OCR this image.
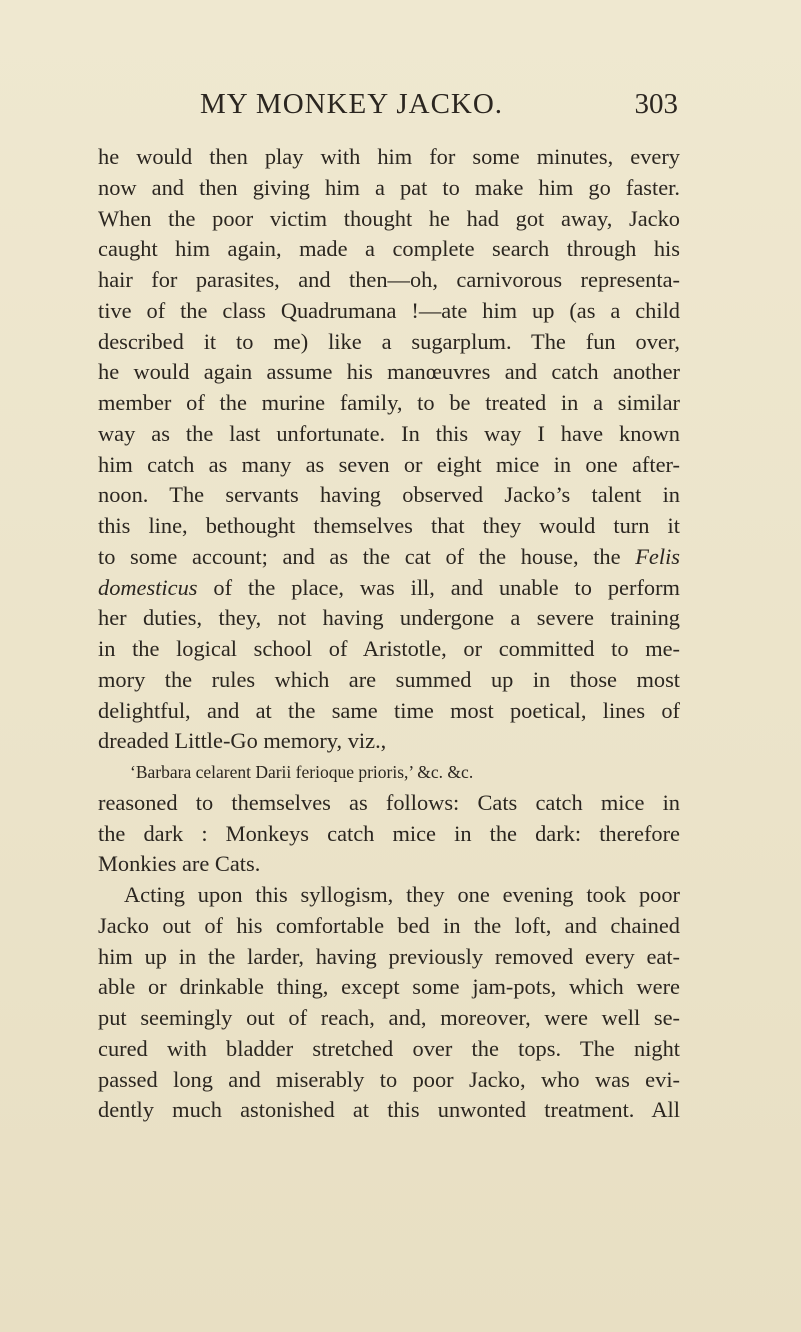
MY MONKEY JACKO.	303
he would then play with him for some minutes, every
now and then giving him a pat to make him go faster.
When the poor victim thought he had got away, Jacko
caught him again, made a complete search through his
hair for parasites, and then—oh, carnivorous representa-
tive of the class Quadrumana !—ate him up (as a child
described it to me) like a sugarplum. The fun over,
he would again assume his manœuvres and catch another
member of the murine family, to be treated in a similar
way as the last unfortunate. In this way I have known
him catch as many as seven or eight mice in one after-
noon. The servants having observed Jacko’s talent in
this line, bethought themselves that they would turn it
to some account; and as the cat of the house, the Felis
domesticus of the place, was ill, and unable to perform
her duties, they, not having undergone a severe training
in the logical school of Aristotle, or committed to me-
mory the rules which are summed up in those most
delightful, and at the same time most poetical, lines of
dreaded Little-Go memory, viz.,
‘Barbara celarent Darii ferioque prioris,’ &c. &c.
reasoned to themselves as follows: Cats catch mice in
the dark : Monkeys catch mice in the dark: therefore
Monkies are Cats.
Acting upon this syllogism, they one evening took poor
Jacko out of his comfortable bed in the loft, and chained
him up in the larder, having previously removed every eat-
able or drinkable thing, except some jam-pots, which were
put seemingly out of reach, and, moreover, were well se-
cured with bladder stretched over the tops. The night
passed long and miserably to poor Jacko, who was evi-
dently much astonished at this unwonted treatment. All
